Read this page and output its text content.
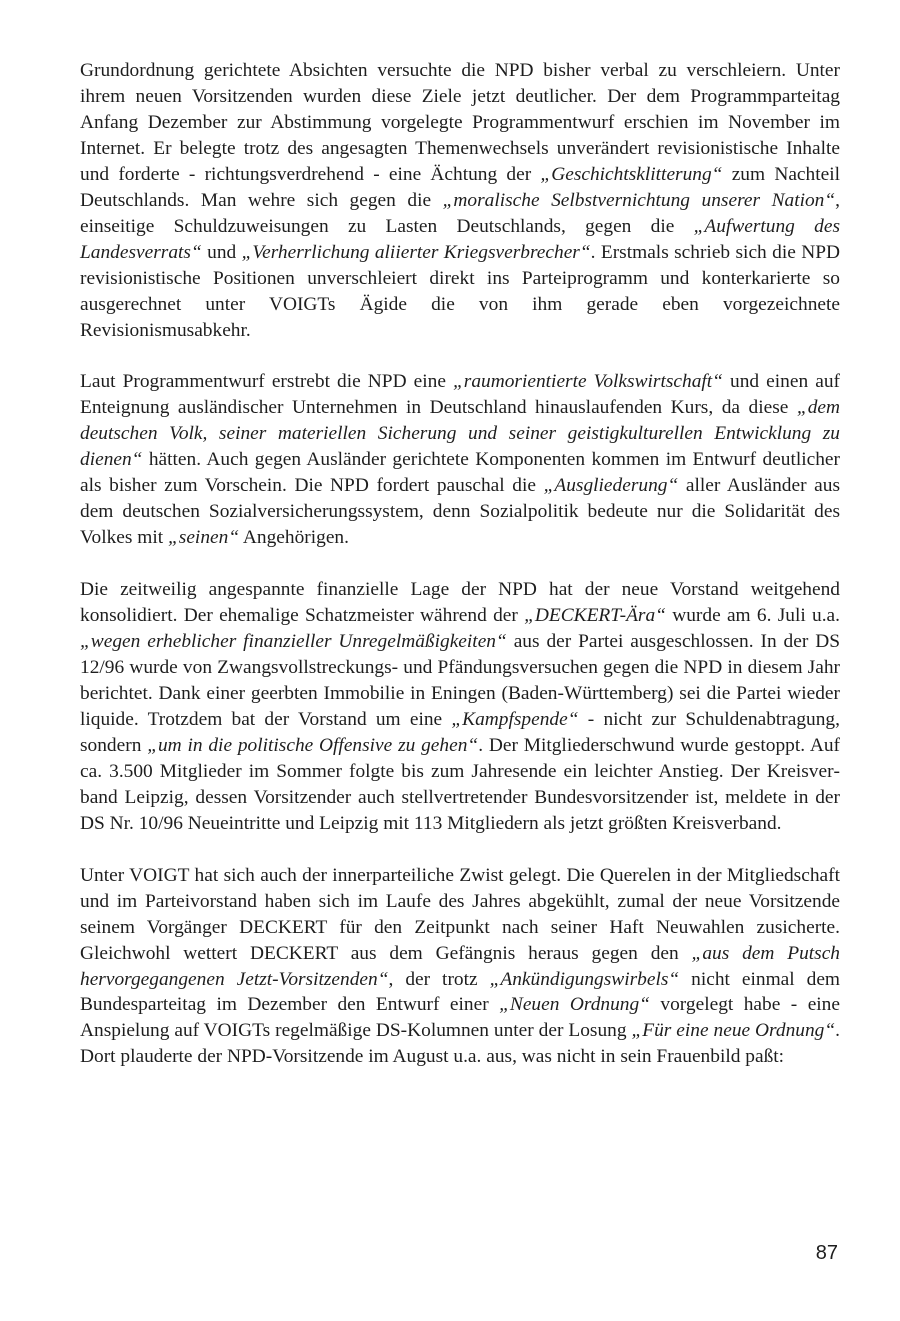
Grundordnung gerichtete Absichten versuchte die NPD bisher verbal zu verschleiern. Unter ihrem neuen Vorsitzenden wurden diese Ziele jetzt deutlicher. Der dem Programmparteitag Anfang Dezember zur Abstimmung vorgelegte Programmentwurf erschien im November im Internet. Er belegte trotz des angesagten Themenwechsels unverändert revisionistische Inhalte und forderte - richtungsverdrehend - eine Ächtung der „Geschichtsklitterung“ zum Nachteil Deutschlands. Man wehre sich gegen die „moralische Selbstvernichtung unserer Nation“, einseitige Schuldzuweisungen zu Lasten Deutschlands, gegen die „Aufwertung des Landesverrats“ und „Verherrlichung aliierter Kriegsverbrecher“. Erstmals schrieb sich die NPD revisionistische Positionen unverschleiert direkt ins Parteiprogramm und konterkarierte so ausgerechnet unter VOIGTs Ägide die von ihm gerade eben vorgezeichnete Revisionismusabkehr.

Laut Programmentwurf erstrebt die NPD eine „raumorientierte Volkswirtschaft“ und einen auf Enteignung ausländischer Unternehmen in Deutschland hinauslaufenden Kurs, da diese „dem deutschen Volk, seiner materiellen Sicherung und seiner geistigkulturellen Entwicklung zu dienen“ hätten. Auch gegen Ausländer gerichtete Komponenten kommen im Entwurf deutlicher als bisher zum Vorschein. Die NPD fordert pauschal die „Ausgliederung“ aller Ausländer aus dem deutschen Sozialversicherungssystem, denn Sozialpolitik bedeute nur die Solidarität des Volkes mit „seinen“ Angehörigen.

Die zeitweilig angespannte finanzielle Lage der NPD hat der neue Vorstand weitgehend konsolidiert. Der ehemalige Schatzmeister während der „DECKERT-Ära“ wurde am 6. Juli u.a. „wegen erheblicher finanzieller Unregelmäßigkeiten“ aus der Partei ausgeschlossen. In der DS 12/96 wurde von Zwangsvollstreckungs- und Pfändungsversuchen gegen die NPD in diesem Jahr berichtet. Dank einer geerbten Immobilie in Eningen (Baden-Württemberg) sei die Partei wieder liquide. Trotzdem bat der Vorstand um eine „Kampfspende“ - nicht zur Schuldenabtragung, sondern „um in die politische Offensive zu gehen“. Der Mitgliederschwund wurde gestoppt. Auf ca. 3.500 Mitglieder im Sommer folgte bis zum Jahresende ein leichter Anstieg. Der Kreisverband Leipzig, dessen Vorsitzender auch stellvertretender Bundesvorsitzender ist, meldete in der DS Nr. 10/96 Neueintritte und Leipzig mit 113 Mitgliedern als jetzt größten Kreisverband.

Unter VOIGT hat sich auch der innerparteiliche Zwist gelegt. Die Querelen in der Mitgliedschaft und im Parteivorstand haben sich im Laufe des Jahres abgekühlt, zumal der neue Vorsitzende seinem Vorgänger DECKERT für den Zeitpunkt nach seiner Haft Neuwahlen zusicherte. Gleichwohl wettert DECKERT aus dem Gefängnis heraus gegen den „aus dem Putsch hervorgegangenen Jetzt-Vorsitzenden“, der trotz „Ankündigungswirbels“ nicht einmal dem Bundesparteitag im Dezember den Entwurf einer „Neuen Ordnung“ vorgelegt habe - eine Anspielung auf VOIGTs regelmäßige DS-Kolumnen unter der Losung „Für eine neue Ordnung“. Dort plauderte der NPD-Vorsitzende im August u.a. aus, was nicht in sein Frauenbild paßt:

87
